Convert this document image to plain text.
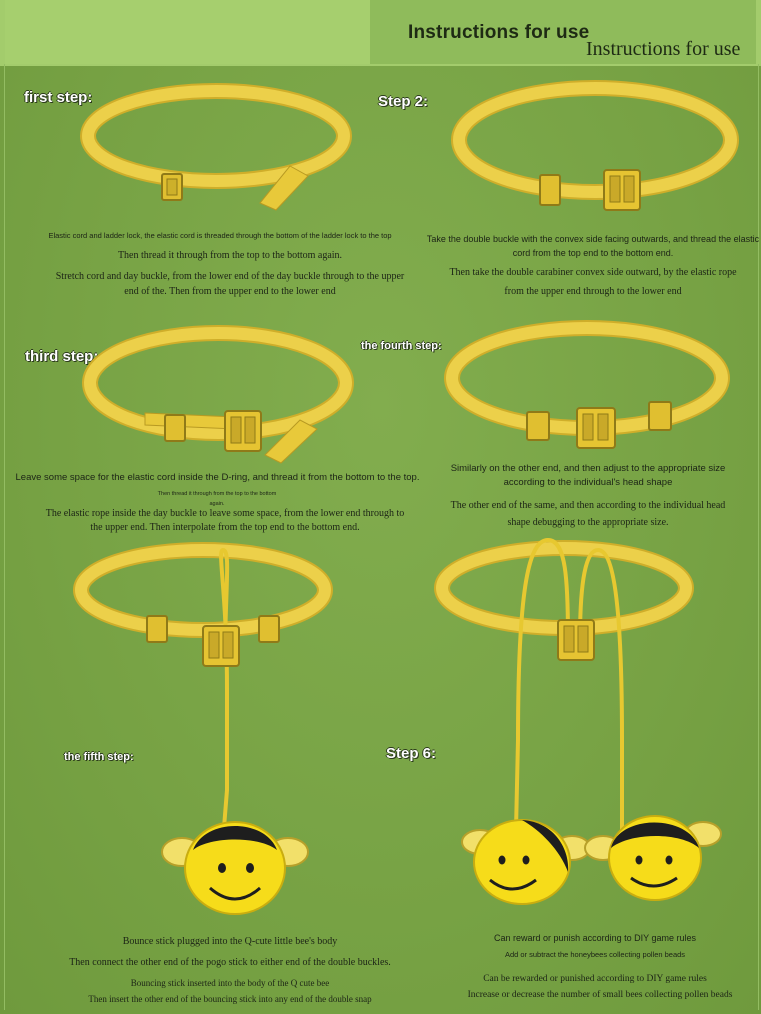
Instructions for use
Instructions for use
first step:
Elastic cord and ladder lock, the elastic cord is threaded through the bottom of the ladder lock to the top
Then thread it through from the top to the bottom again.
Stretch cord and day buckle, from the lower end of the day buckle through to the upper end of the. Then from the upper end to the lower end
Step 2:
Take the double buckle with the convex side facing outwards, and thread the elastic cord from the top end to the bottom end.
Then take the double carabiner convex side outward, by the elastic rope from the upper end through to the lower end
third step:
Leave some space for the elastic cord inside the D-ring, and thread it from the bottom to the top.
Then thread it through from the top to the bottom again.
The elastic rope inside the day buckle to leave some space, from the lower end through to the upper end. Then interpolate from the top end to the bottom end.
the fourth step:
Similarly on the other end, and then adjust to the appropriate size according to the individual's head shape
The other end of the same, and then according to the individual head shape debugging to the appropriate size.
the fifth step:
Bounce stick plugged into the Q-cute little bee's body
Then connect the other end of the pogo stick to either end of the double buckles.
Bouncing stick inserted into the body of the Q cute bee
Then insert the other end of the bouncing stick into any end of the double snap
Step 6:
Can reward or punish according to DIY game rules
Add or subtract the honeybees collecting pollen beads
Can be rewarded or punished according to DIY game rules
Increase or decrease the number of small bees collecting pollen beads
